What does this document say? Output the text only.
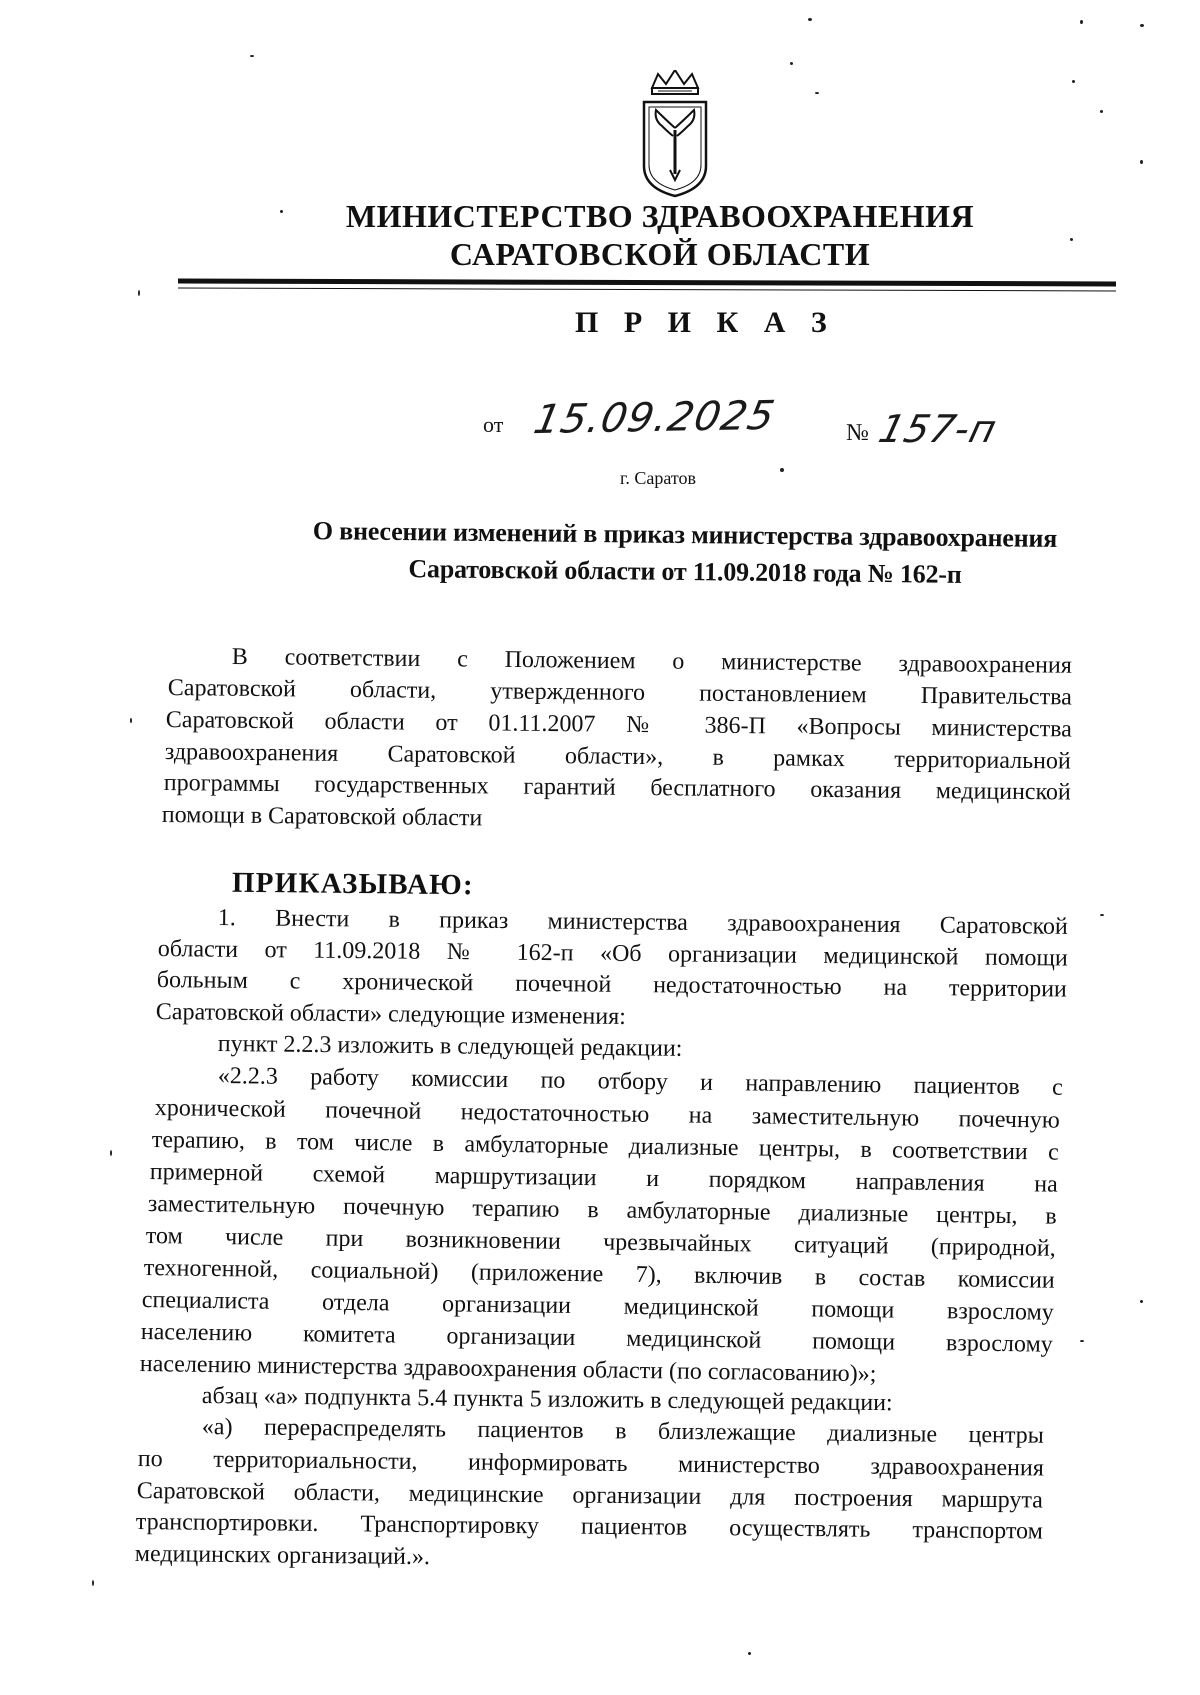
МИНИСТЕРСТВО ЗДРАВООХРАНЕНИЯ
САРАТОВСКОЙ ОБЛАСТИ
П Р И К А З
от 15.09.2025	№ 157-п
г. Саратов
О внесении изменений в приказ министерства здравоохранения
Саратовской области от 11.09.2018 года № 162-п
В соответствии с Положением о министерстве здравоохранения
Саратовской области, утвержденного постановлением Правительства
Саратовской области от 01.11.2007 № 386-П «Вопросы министерства
здравоохранения Саратовской области», в рамках территориальной
программы государственных гарантий бесплатного оказания медицинской
помощи в Саратовской области
ПРИКАЗЫВАЮ:
1. Внести в приказ министерства здравоохранения Саратовской
области от 11.09.2018 № 162-п «Об организации медицинской помощи
больным с хронической почечной недостаточностью на территории
Саратовской области» следующие изменения:
пункт 2.2.3 изложить в следующей редакции:
«2.2.3 работу комиссии по отбору и направлению пациентов с
хронической почечной недостаточностью на заместительную почечную
терапию, в том числе в амбулаторные диализные центры, в соответствии с
примерной схемой маршрутизации и порядком направления на
заместительную почечную терапию в амбулаторные диализные центры, в
том числе при возникновении чрезвычайных ситуаций (природной,
техногенной, социальной) (приложение 7), включив в состав комиссии
специалиста отдела организации медицинской помощи взрослому
населению комитета организации медицинской помощи взрослому
населению министерства здравоохранения области (по согласованию)»;
абзац «а» подпункта 5.4 пункта 5 изложить в следующей редакции:
«а) перераспределять пациентов в близлежащие диализные центры
по территориальности, информировать министерство здравоохранения
Саратовской области, медицинские организации для построения маршрута
транспортировки. Транспортировку пациентов осуществлять транспортом
медицинских организаций.».
